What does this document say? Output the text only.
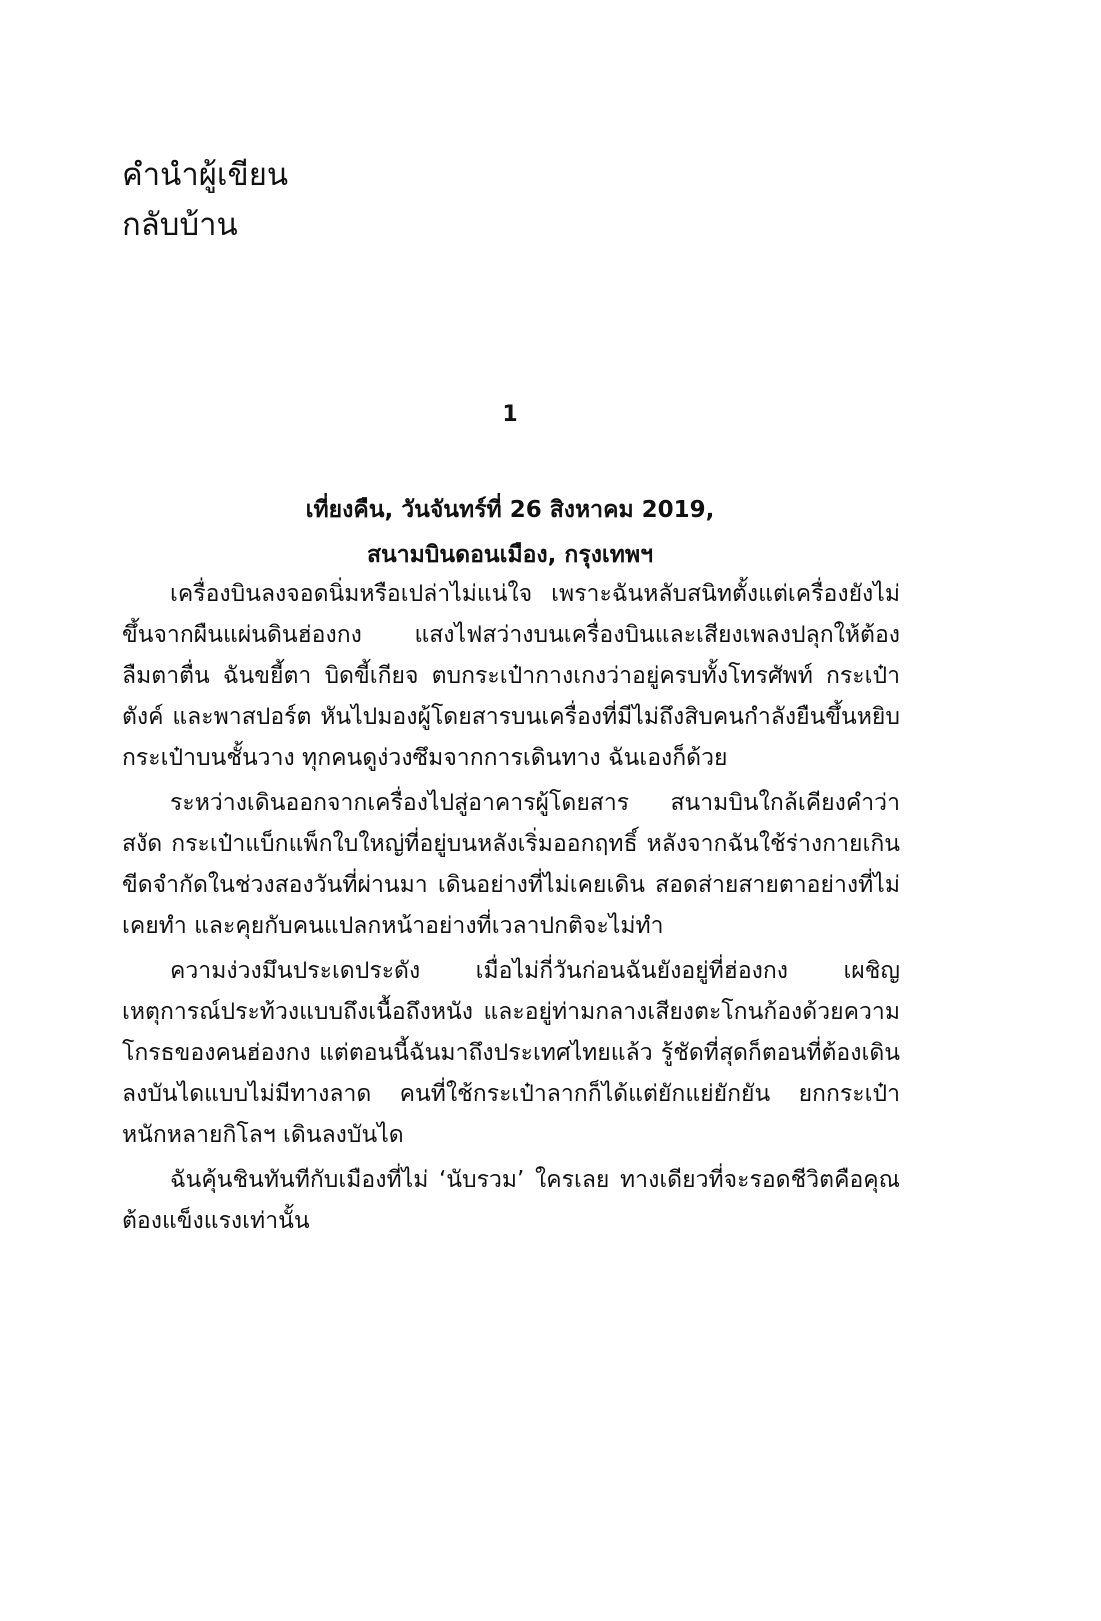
คำนำผู้เขียน

กลับบ้าน

1

เที่ยงคืน, วันจันทร์ที่ 26 สิงหาคม 2019,
สนามบินดอนเมือง, กรุงเทพฯ

เครื่องบินลงจอดนิ่มหรือเปล่าไม่แน่ใจ เพราะฉันหลับสนิทตั้งแต่เครื่องยังไม่ขึ้นจากผืนแผ่นดินฮ่องกง แสงไฟสว่างบนเครื่องบินและเสียงเพลงปลุกให้ต้องลืมตาตื่น ฉันขยี้ตา บิดขี้เกียจ ตบกระเป๋ากางเกงว่าอยู่ครบทั้งโทรศัพท์ กระเป๋าตังค์ และพาสปอร์ต หันไปมองผู้โดยสารบนเครื่องที่มีไม่ถึงสิบคนกำลังยืนขึ้นหยิบกระเป๋าบนชั้นวาง ทุกคนดูง่วงซึมจากการเดินทาง ฉันเองก็ด้วย

ระหว่างเดินออกจากเครื่องไปสู่อาคารผู้โดยสาร สนามบินใกล้เคียงคำว่าสงัด กระเป๋าแบ็กแพ็กใบใหญ่ที่อยู่บนหลังเริ่มออกฤทธิ์ หลังจากฉันใช้ร่างกายเกินขีดจำกัดในช่วงสองวันที่ผ่านมา เดินอย่างที่ไม่เคยเดิน สอดส่ายสายตาอย่างที่ไม่เคยทำ และคุยกับคนแปลกหน้าอย่างที่เวลาปกติจะไม่ทำ

ความง่วงมึนประเดประดัง เมื่อไม่กี่วันก่อนฉันยังอยู่ที่ฮ่องกง เผชิญเหตุการณ์ประท้วงแบบถึงเนื้อถึงหนัง และอยู่ท่ามกลางเสียงตะโกนก้องด้วยความโกรธของคนฮ่องกง แต่ตอนนี้ฉันมาถึงประเทศไทยแล้ว รู้ชัดที่สุดก็ตอนที่ต้องเดินลงบันไดแบบไม่มีทางลาด คนที่ใช้กระเป๋าลากก็ได้แต่ยักแย่ยักยัน ยกกระเป๋าหนักหลายกิโลฯ เดินลงบันได

ฉันคุ้นชินทันทีกับเมืองที่ไม่ ‘นับรวม’ ใครเลย ทางเดียวที่จะรอดชีวิตคือคุณต้องแข็งแรงเท่านั้น
